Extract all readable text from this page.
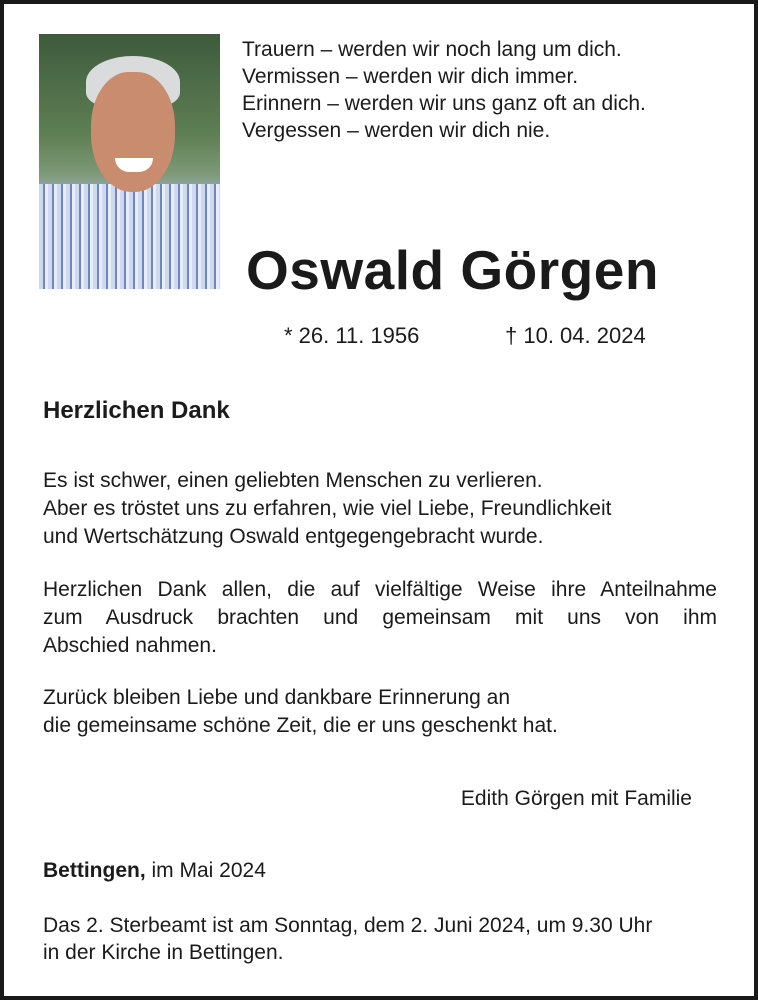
Trauern – werden wir noch lang um dich.
Vermissen – werden wir dich immer.
Erinnern – werden wir uns ganz oft an dich.
Vergessen – werden wir dich nie.
Oswald Görgen
* 26. 11. 1956	† 10. 04. 2024
Herzlichen Dank
Es ist schwer, einen geliebten Menschen zu verlieren.
Aber es tröstet uns zu erfahren, wie viel Liebe, Freundlichkeit
und Wertschätzung Oswald entgegengebracht wurde.
Herzlichen Dank allen, die auf vielfältige Weise ihre Anteilnahme
zum Ausdruck brachten und gemeinsam mit uns von ihm
Abschied nahmen.
Zurück bleiben Liebe und dankbare Erinnerung an
die gemeinsame schöne Zeit, die er uns geschenkt hat.
Edith Görgen mit Familie
Bettingen, im Mai 2024
Das 2. Sterbeamt ist am Sonntag, dem 2. Juni 2024, um 9.30 Uhr
in der Kirche in Bettingen.
